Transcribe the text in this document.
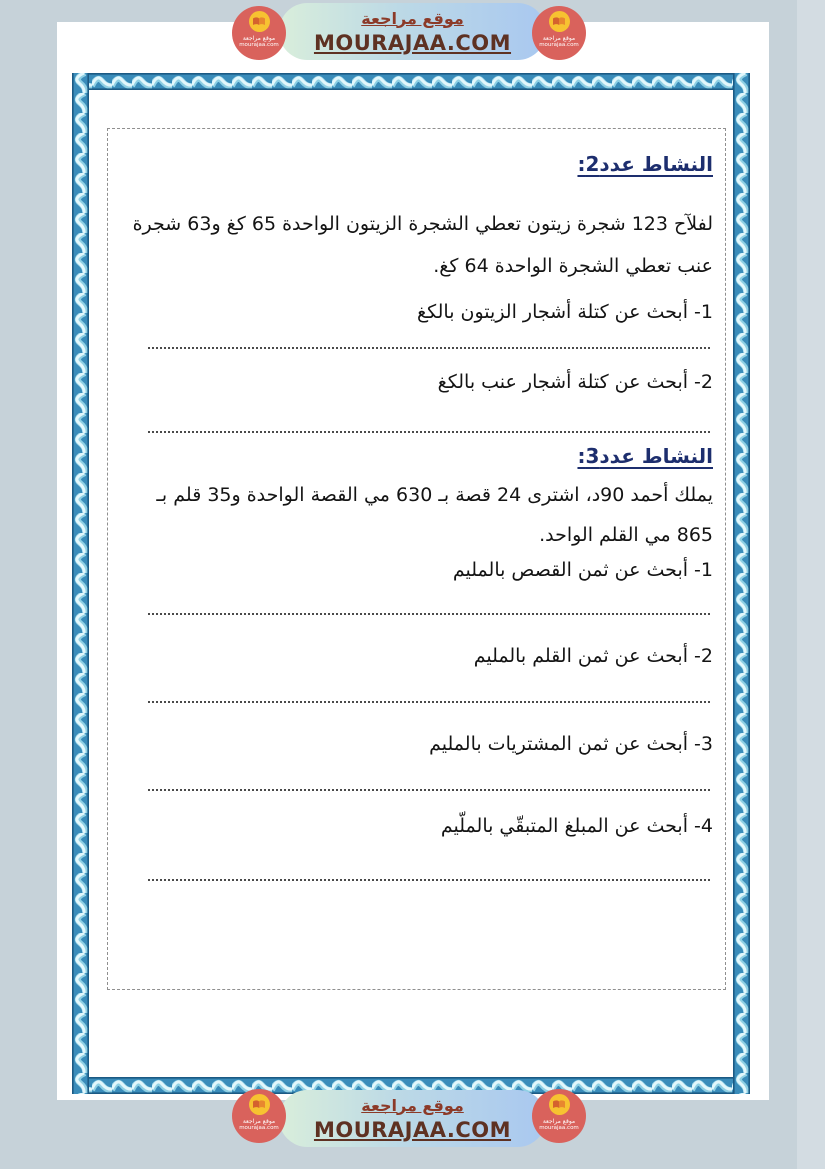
موقع مراجعة
MOURAJAA.COM
موقع مراجعة
mourajaa.com
موقع مراجعة
mourajaa.com
النشاط عدد2:

لفلآح 123 شجرة زيتون تعطي الشجرة الزيتون الواحدة 65 كغ و63 شجرة عنب تعطي الشجرة الواحدة 64 كغ.

1- أبحث عن كتلة أشجار الزيتون بالكغ
2- أبحث عن كتلة أشجار عنب بالكغ
النشاط عدد3:

يملك أحمد 90د، اشترى 24 قصة بـ 630 مي القصة الواحدة و35 قلم بـ 865 مي القلم الواحد.

1- أبحث عن ثمن القصص بالمليم
2- أبحث عن ثمن القلم بالمليم
3- أبحث عن ثمن المشتريات بالمليم
4- أبحث عن المبلغ المتبقّي بالملّيم
موقع مراجعة
MOURAJAA.COM
موقع مراجعة
mourajaa.com
موقع مراجعة
mourajaa.com
